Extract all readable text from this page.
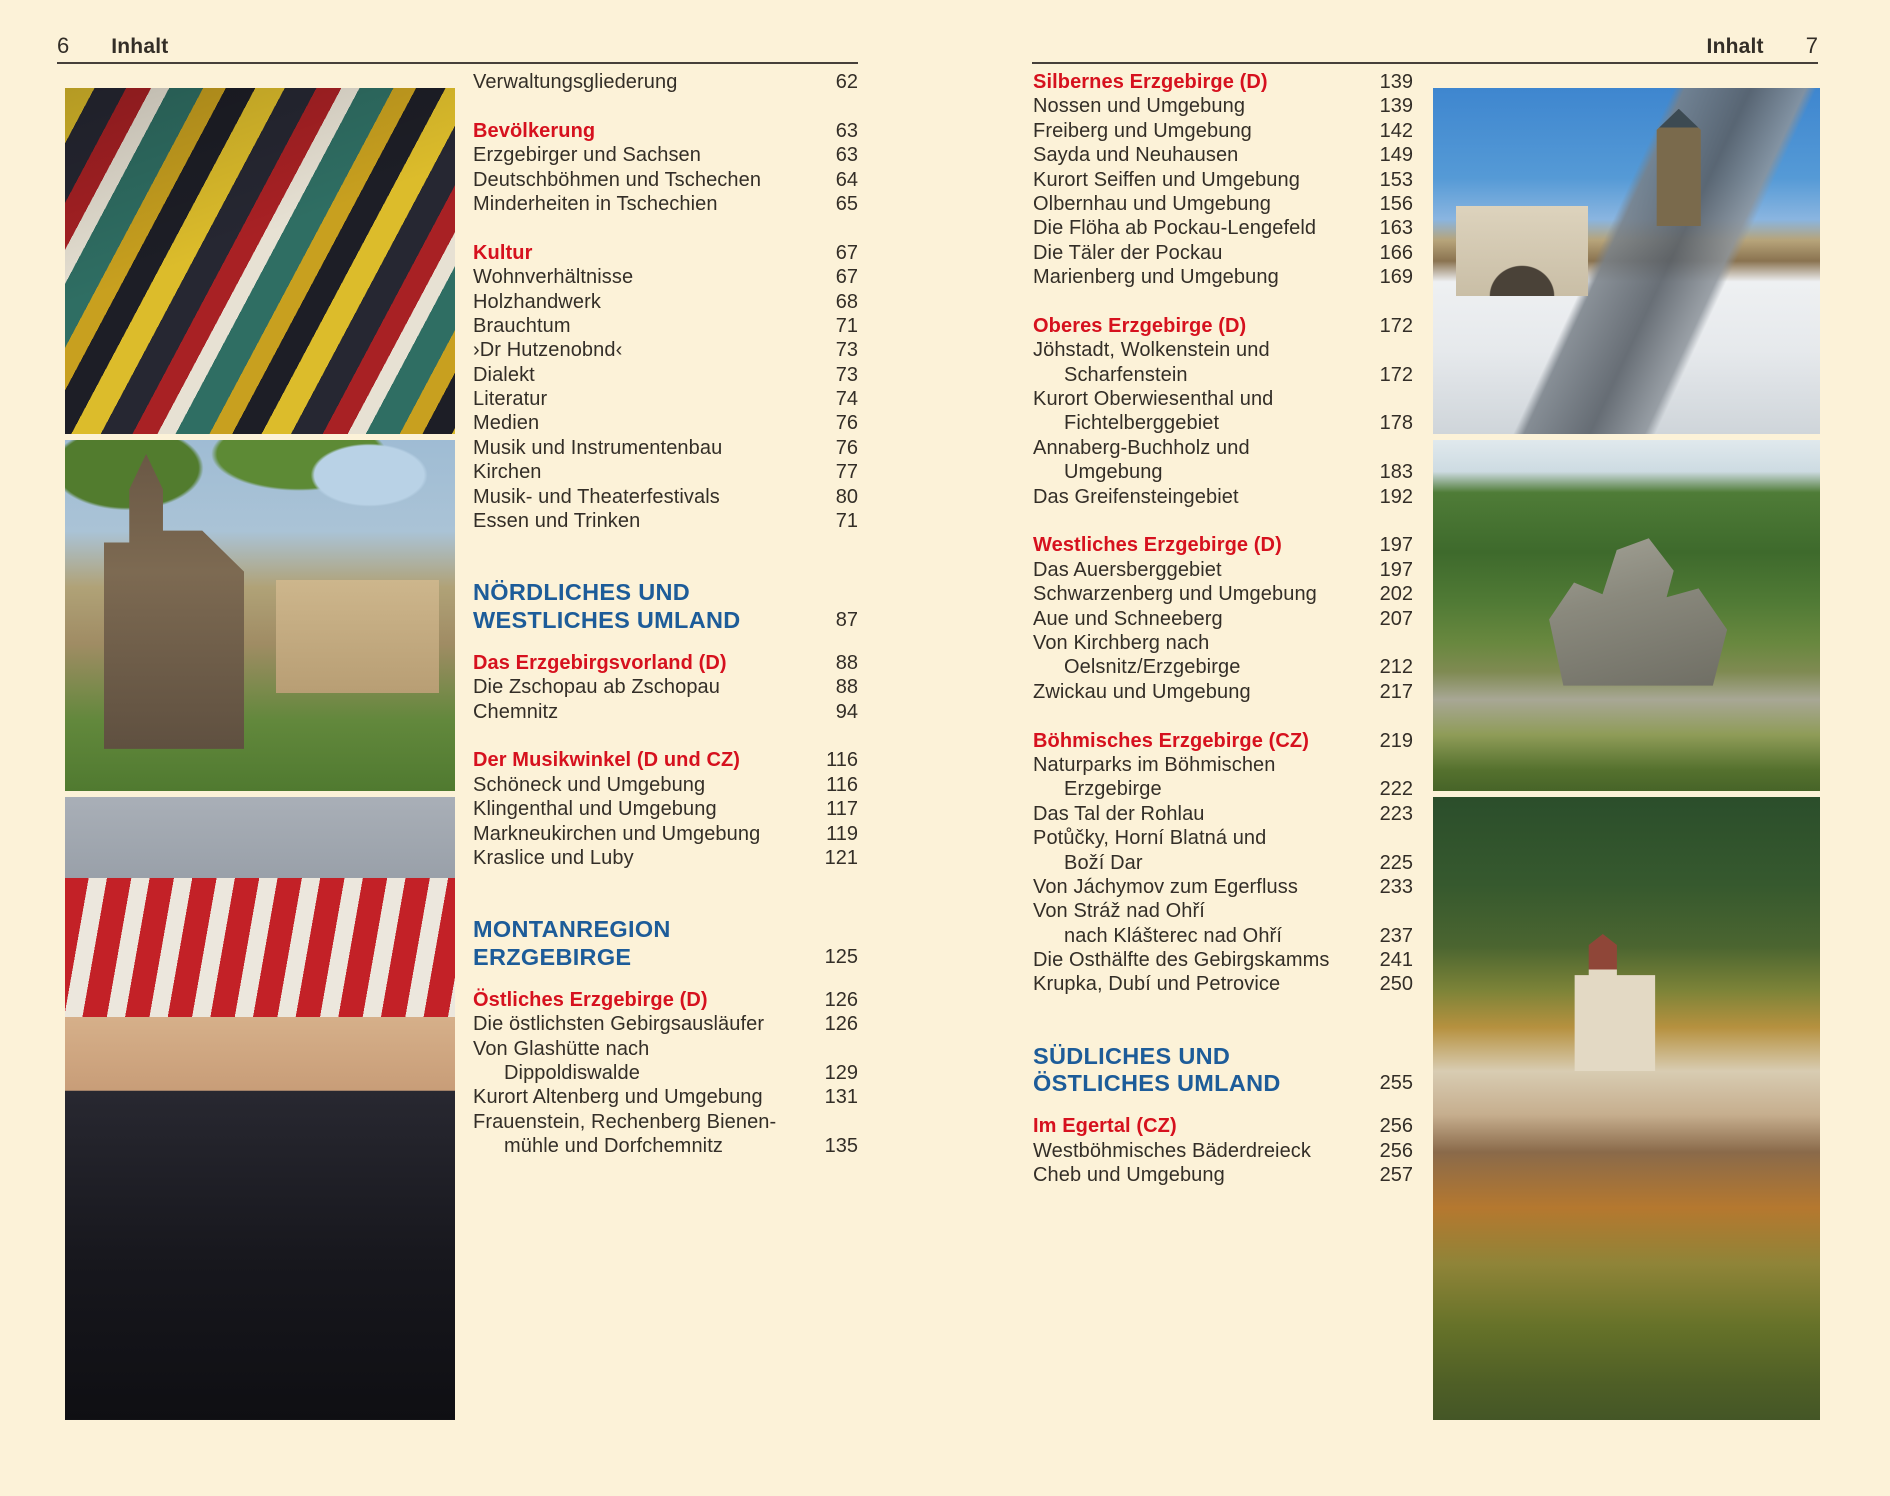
6 Inhalt	Inhalt 7
Verwaltungsgliederung	62
Bevölkerung	63
Erzgebirger und Sachsen	63
Deutschböhmen und Tschechen	64
Minderheiten in Tschechien	65
Kultur	67
Wohnverhältnisse	67
Holzhandwerk	68
Brauchtum	71
›Dr Hutzenobnd‹	73
Dialekt	73
Literatur	74
Medien	76
Musik und Instrumentenbau	76
Kirchen	77
Musik- und Theaterfestivals	80
Essen und Trinken	71
NÖRDLICHES UND
WESTLICHES UMLAND	87
Das Erzgebirgsvorland (D)	88
Die Zschopau ab Zschopau	88
Chemnitz	94
Der Musikwinkel (D und CZ)	116
Schöneck und Umgebung	116
Klingenthal und Umgebung	117
Markneukirchen und Umgebung	119
Kraslice und Luby	121
MONTANREGION
ERZGEBIRGE	125
Östliches Erzgebirge (D)	126
Die östlichsten Gebirgsausläufer	126
Von Glashütte nach
Dippoldiswalde	129
Kurort Altenberg und Umgebung	131
Frauenstein, Rechenberg Bienen-
mühle und Dorfchemnitz	135
Silbernes Erzgebirge (D)	139
Nossen und Umgebung	139
Freiberg und Umgebung	142
Sayda und Neuhausen	149
Kurort Seiffen und Umgebung	153
Olbernhau und Umgebung	156
Die Flöha ab Pockau-Lengefeld	163
Die Täler der Pockau	166
Marienberg und Umgebung	169
Oberes Erzgebirge (D)	172
Jöhstadt, Wolkenstein und
Scharfenstein	172
Kurort Oberwiesenthal und
Fichtelberggebiet	178
Annaberg-Buchholz und
Umgebung	183
Das Greifensteingebiet	192
Westliches Erzgebirge (D)	197
Das Auersberggebiet	197
Schwarzenberg und Umgebung	202
Aue und Schneeberg	207
Von Kirchberg nach
Oelsnitz/Erzgebirge	212
Zwickau und Umgebung	217
Böhmisches Erzgebirge (CZ)	219
Naturparks im Böhmischen
Erzgebirge	222
Das Tal der Rohlau	223
Potůčky, Horní Blatná und
Boží Dar	225
Von Jáchymov zum Egerfluss	233
Von Stráž nad Ohří
nach Klášterec nad Ohří	237
Die Osthälfte des Gebirgskamms	241
Krupka, Dubí und Petrovice	250
SÜDLICHES UND
ÖSTLICHES UMLAND	255
Im Egertal (CZ)	256
Westböhmisches Bäderdreieck	256
Cheb und Umgebung	257
